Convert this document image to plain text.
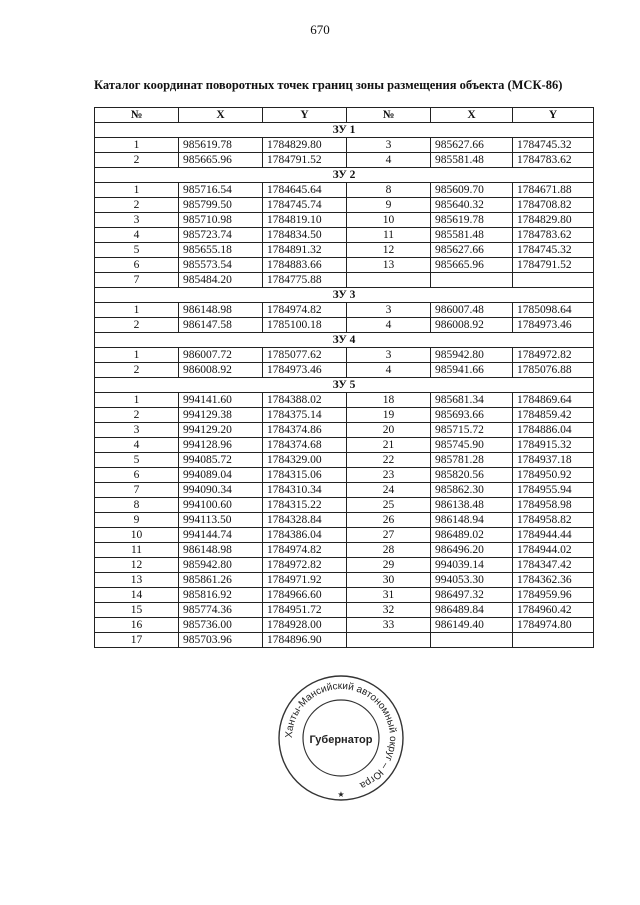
670
Каталог координат поворотных точек границ зоны размещения объекта (МСК-86)
№	X	Y	№	X	Y
ЗУ 1					
1	985619.78	1784829.80	3	985627.66	1784745.32
2	985665.96	1784791.52	4	985581.48	1784783.62
ЗУ 2					
1	985716.54	1784645.64	8	985609.70	1784671.88
2	985799.50	1784745.74	9	985640.32	1784708.82
3	985710.98	1784819.10	10	985619.78	1784829.80
4	985723.74	1784834.50	11	985581.48	1784783.62
5	985655.18	1784891.32	12	985627.66	1784745.32
6	985573.54	1784883.66	13	985665.96	1784791.52
7	985484.20	1784775.88			
ЗУ 3					
1	986148.98	1784974.82	3	986007.48	1785098.64
2	986147.58	1785100.18	4	986008.92	1784973.46
ЗУ 4					
1	986007.72	1785077.62	3	985942.80	1784972.82
2	986008.92	1784973.46	4	985941.66	1785076.88
ЗУ 5					
1	994141.60	1784388.02	18	985681.34	1784869.64
2	994129.38	1784375.14	19	985693.66	1784859.42
3	994129.20	1784374.86	20	985715.72	1784886.04
4	994128.96	1784374.68	21	985745.90	1784915.32
5	994085.72	1784329.00	22	985781.28	1784937.18
6	994089.04	1784315.06	23	985820.56	1784950.92
7	994090.34	1784310.34	24	985862.30	1784955.94
8	994100.60	1784315.22	25	986138.48	1784958.98
9	994113.50	1784328.84	26	986148.94	1784958.82
10	994144.74	1784386.04	27	986489.02	1784944.44
11	986148.98	1784974.82	28	986496.20	1784944.02
12	985942.80	1784972.82	29	994039.14	1784347.42
13	985861.26	1784971.92	30	994053.30	1784362.36
14	985816.92	1784966.60	31	986497.32	1784959.96
15	985774.36	1784951.72	32	986489.84	1784960.42
16	985736.00	1784928.00	33	986149.40	1784974.80
17	985703.96	1784896.90			
Ханты-Мансийский автономный округ – Югра
Губернатор
★
